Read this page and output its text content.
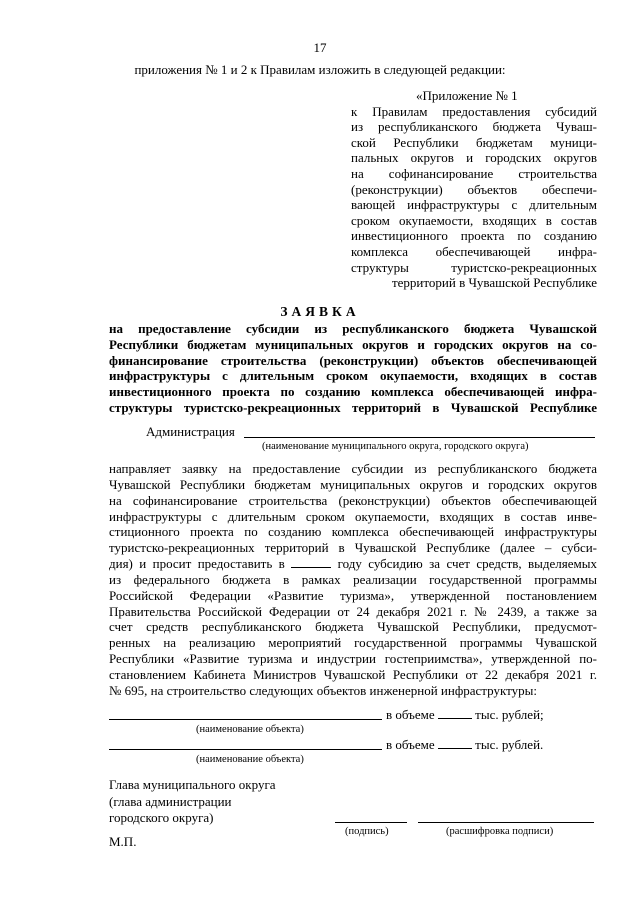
17
приложения № 1 и 2 к Правилам изложить в следующей редакции:
«Приложение № 1
к Правилам предоставления субсидий
из республиканского бюджета Чуваш-
ской Республики бюджетам муници-
пальных округов и городских округов
на софинансирование строительства
(реконструкции) объектов обеспечи-
вающей инфраструктуры с длительным
сроком окупаемости, входящих в состав
инвестиционного проекта по созданию
комплекса обеспечивающей инфра-
структуры туристско-рекреационных
территорий в Чувашской Республике
ЗАЯВКА
на предоставление субсидии из республиканского бюджета Чувашской
Республики бюджетам муниципальных округов и городских округов на со-
финансирование строительства (реконструкции) объектов обеспечивающей
инфраструктуры с длительным сроком окупаемости, входящих в состав
инвестиционного проекта по созданию комплекса обеспечивающей инфра-
структуры туристско-рекреационных территорий в Чувашской Республике
Администрация
(наименование муниципального округа, городского округа)
направляет заявку на предоставление субсидии из республиканского бюджета
Чувашской Республики бюджетам муниципальных округов и городских округов
на софинансирование строительства (реконструкции) объектов обеспечивающей
инфраструктуры с длительным сроком окупаемости, входящих в состав инве-
стиционного проекта по созданию комплекса обеспечивающей инфраструктуры
туристско-рекреационных территорий в Чувашской Республике (далее – субси-
дия) и просит предоставить в	году субсидию за счет средств, выделяемых
из федерального бюджета в рамках реализации государственной программы
Российской Федерации «Развитие туризма», утвержденной постановлением
Правительства Российской Федерации от 24 декабря 2021 г. № 2439, а также за
счет средств республиканского бюджета Чувашской Республики, предусмот-
ренных на реализацию мероприятий государственной программы Чувашской
Республики «Развитие туризма и индустрии гостеприимства», утвержденной по-
становлением Кабинета Министров Чувашской Республики от 22 декабря 2021 г.
№ 695, на строительство следующих объектов инженерной инфраструктуры:
в объеме	тыс. рублей;
(наименование объекта)
в объеме	тыс. рублей.
(наименование объекта)
Глава муниципального округа
(глава администрации
городского округа)
(подпись)	(расшифровка подписи)
М.П.
